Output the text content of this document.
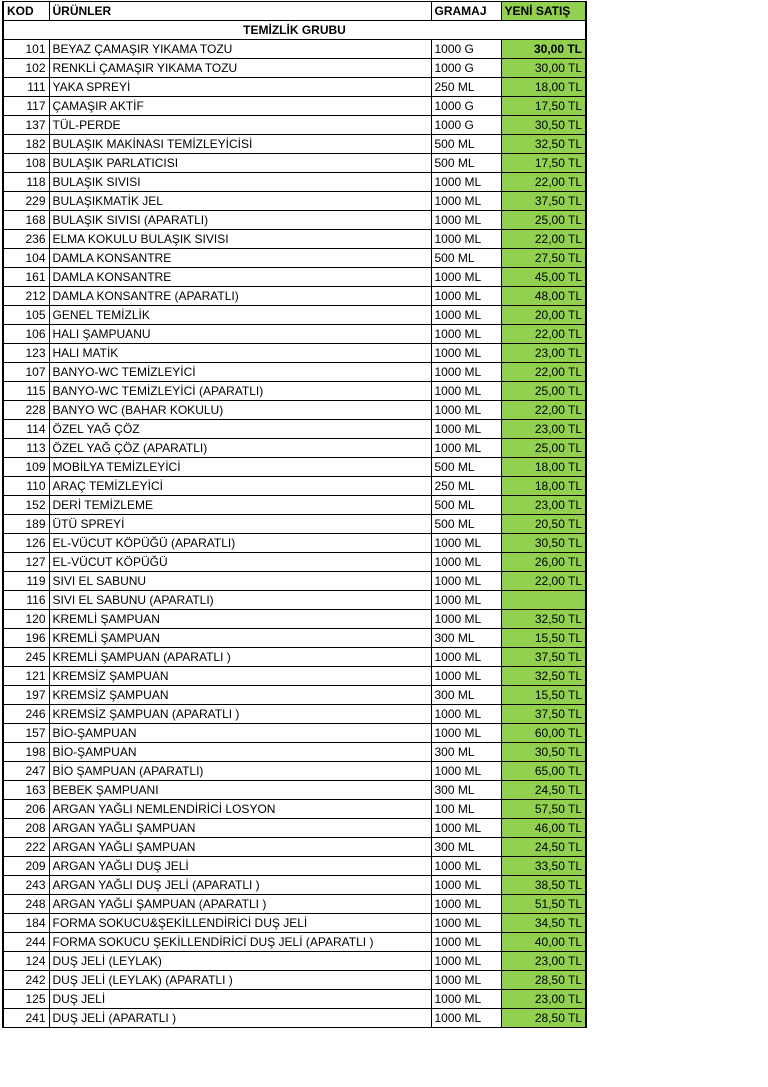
KOD	ÜRÜNLER	GRAMAJ	YENİ SATIŞ
TEMİZLİK GRUBU			
101	BEYAZ ÇAMAŞIR YIKAMA TOZU	1000 G	30,00 TL
102	RENKLİ ÇAMAŞIR YIKAMA TOZU	1000 G	30,00 TL
111	YAKA SPREYİ	250 ML	18,00 TL
117	ÇAMAŞIR AKTİF	1000 G	17,50 TL
137	TÜL-PERDE	1000 G	30,50 TL
182	BULAŞIK MAKİNASI TEMİZLEYİCİSİ	500 ML	32,50 TL
108	BULAŞIK PARLATICISI	500 ML	17,50 TL
118	BULAŞIK SIVISI	1000 ML	22,00 TL
229	BULAŞIKMATİK JEL	1000 ML	37,50 TL
168	BULAŞIK SIVISI (APARATLI)	1000 ML	25,00 TL
236	ELMA KOKULU BULAŞIK SIVISI	1000 ML	22,00 TL
104	DAMLA KONSANTRE	500 ML	27,50 TL
161	DAMLA KONSANTRE	1000 ML	45,00 TL
212	DAMLA KONSANTRE (APARATLI)	1000 ML	48,00 TL
105	GENEL TEMİZLİK	1000 ML	20,00 TL
106	HALI ŞAMPUANU	1000 ML	22,00 TL
123	HALI MATİK	1000 ML	23,00 TL
107	BANYO-WC TEMİZLEYİCİ	1000 ML	22,00 TL
115	BANYO-WC TEMİZLEYİCİ (APARATLI)	1000 ML	25,00 TL
228	BANYO WC (BAHAR KOKULU)	1000 ML	22,00 TL
114	ÖZEL YAĞ ÇÖZ	1000 ML	23,00 TL
113	ÖZEL YAĞ ÇÖZ (APARATLI)	1000 ML	25,00 TL
109	MOBİLYA TEMİZLEYİCİ	500 ML	18,00 TL
110	ARAÇ TEMİZLEYİCİ	250 ML	18,00 TL
152	DERİ TEMİZLEME	500 ML	23,00 TL
189	ÜTÜ SPREYİ	500 ML	20,50 TL
126	EL-VÜCUT KÖPÜĞÜ (APARATLI)	1000 ML	30,50 TL
127	EL-VÜCUT KÖPÜĞÜ	1000 ML	26,00 TL
119	SIVI EL SABUNU	1000 ML	22,00 TL
116	SIVI EL SABUNU (APARATLI)	1000 ML	
120	KREMLİ ŞAMPUAN	1000 ML	32,50 TL
196	KREMLİ ŞAMPUAN	300 ML	15,50 TL
245	KREMLİ ŞAMPUAN (APARATLI )	1000 ML	37,50 TL
121	KREMSİZ ŞAMPUAN	1000 ML	32,50 TL
197	KREMSİZ ŞAMPUAN	300 ML	15,50 TL
246	KREMSİZ ŞAMPUAN (APARATLI )	1000 ML	37,50 TL
157	BİO-ŞAMPUAN	1000 ML	60,00 TL
198	BİO-ŞAMPUAN	300 ML	30,50 TL
247	BİO ŞAMPUAN (APARATLI)	1000 ML	65,00 TL
163	BEBEK ŞAMPUANI	300 ML	24,50 TL
206	ARGAN YAĞLI NEMLENDİRİCİ LOSYON	100 ML	57,50 TL
208	ARGAN YAĞLI ŞAMPUAN	1000 ML	46,00 TL
222	ARGAN YAĞLI ŞAMPUAN	300 ML	24,50 TL
209	ARGAN YAĞLI DUŞ JELİ	1000 ML	33,50 TL
243	ARGAN YAĞLI DUŞ JELİ (APARATLI )	1000 ML	38,50 TL
248	ARGAN YAĞLI ŞAMPUAN (APARATLI )	1000 ML	51,50 TL
184	FORMA SOKUCU&ŞEKİLLENDİRİCİ DUŞ JELİ	1000 ML	34,50 TL
244	FORMA SOKUCU ŞEKİLLENDİRİCİ DUŞ JELİ (APARATLI )	1000 ML	40,00 TL
124	DUŞ JELİ (LEYLAK)	1000 ML	23,00 TL
242	DUŞ JELİ (LEYLAK) (APARATLI )	1000 ML	28,50 TL
125	DUŞ JELİ	1000 ML	23,00 TL
241	DUŞ JELİ (APARATLI )	1000 ML	28,50 TL
